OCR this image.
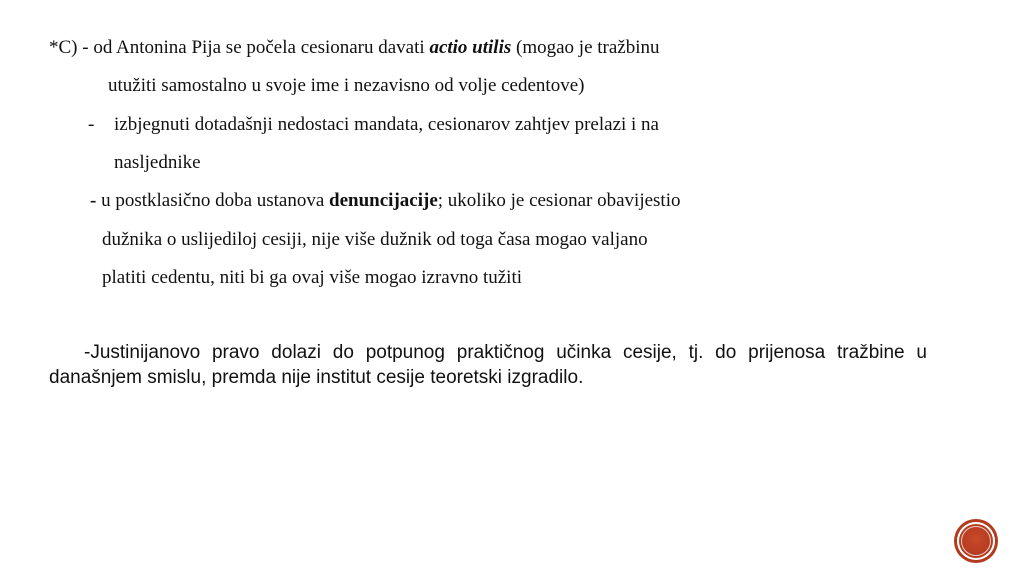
*C) - od Antonina Pija se počela cesionaru davati actio utilis (mogao je tražbinu
utužiti samostalno u svoje ime i nezavisno od volje cedentove)
- izbjegnuti dotadašnji nedostaci mandata, cesionarov zahtjev prelazi i na
nasljednike
- u postklasično doba ustanova denuncijacije; ukoliko je cesionar obavijestio
dužnika o uslijediloj cesiji, nije više dužnik od toga časa mogao valjano
platiti cedentu, niti bi ga ovaj više mogao izravno tužiti
-Justinijanovo pravo dolazi do potpunog praktičnog učinka cesije, tj. do prijenosa tražbine u današnjem smislu, premda nije institut cesije teoretski izgradilo.
